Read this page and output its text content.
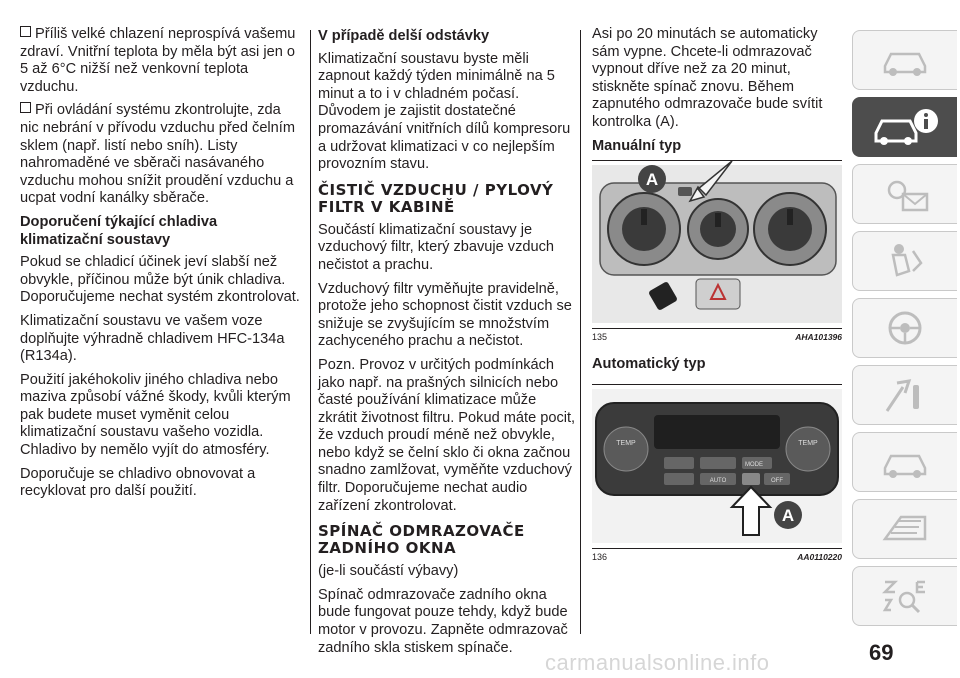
Příliš velké chlazení neprospívá vašemu zdraví. Vnitřní teplota by měla být asi jen o 5 až 6°C nižší než venkovní teplota vzduchu.

Při ovládání systému zkontrolujte, zda nic nebrání v přívodu vzduchu před čelním sklem (např. listí nebo sníh). Listy nahromaděné ve sběrači nasávaného vzduchu mohou snížit proudění vzduchu a ucpat vodní kanálky sběrače.

Doporučení týkající chladiva klimatizační soustavy

Pokud se chladicí účinek jeví slabší než obvykle, příčinou může být únik chladiva. Doporučujeme nechat systém zkontrolovat.

Klimatizační soustavu ve vašem voze doplňujte výhradně chladivem HFC-134a (R134a).

Použití jakéhokoliv jiného chladiva nebo maziva způsobí vážné škody, kvůli kterým pak budete muset vyměnit celou klimatizační soustavu vašeho vozidla. Chladivo by nemělo vyjít do atmosféry.

Doporučuje se chladivo obnovovat a recyklovat pro další použití.

V případě delší odstávky

Klimatizační soustavu byste měli zapnout každý týden minimálně na 5 minut a to i v chladném počasí. Důvodem je zajistit dostatečné promazávání vnitřních dílů kompresoru a udržovat klimatizaci v co nejlepším provozním stavu.

ČISTIČ VZDUCHU / PYLOVÝ FILTR V KABINĚ

Součástí klimatizační soustavy je vzduchový filtr, který zbavuje vzduch nečistot a prachu.

Vzduchový filtr vyměňujte pravidelně, protože jeho schopnost čistit vzduch se snižuje se zvyšujícím se množstvím zachyceného prachu a nečistot.

Pozn. Provoz v určitých podmínkách jako např. na prašných silnicích nebo časté používání klimatizace může zkrátit životnost filtru. Pokud máte pocit, že vzduch proudí méně než obvykle, nebo když se čelní sklo či okna začnou snadno zamlžovat, vyměňte vzduchový filtr. Doporučujeme nechat audio zařízení zkontrolovat.

SPÍNAČ ODMRAZOVAČE ZADNÍHO OKNA

(je-li součástí výbavy)

Spínač odmrazovače zadního okna bude fungovat pouze tehdy, když bude motor v provozu. Zapněte odmrazovač zadního skla stiskem spínače.

Asi po 20 minutách se automaticky sám vypne. Chcete-li odmrazovač vypnout dříve než za 20 minut, stiskněte spínač znovu. Během zapnutého odmrazovače bude svítit kontrolka (A).

Manuální typ
A
135	AHA101396
Automatický typ
TEMP	TEMP
MODE
AUTO	OFF
A
136	AA0110220
69
carmanualsonline.info
